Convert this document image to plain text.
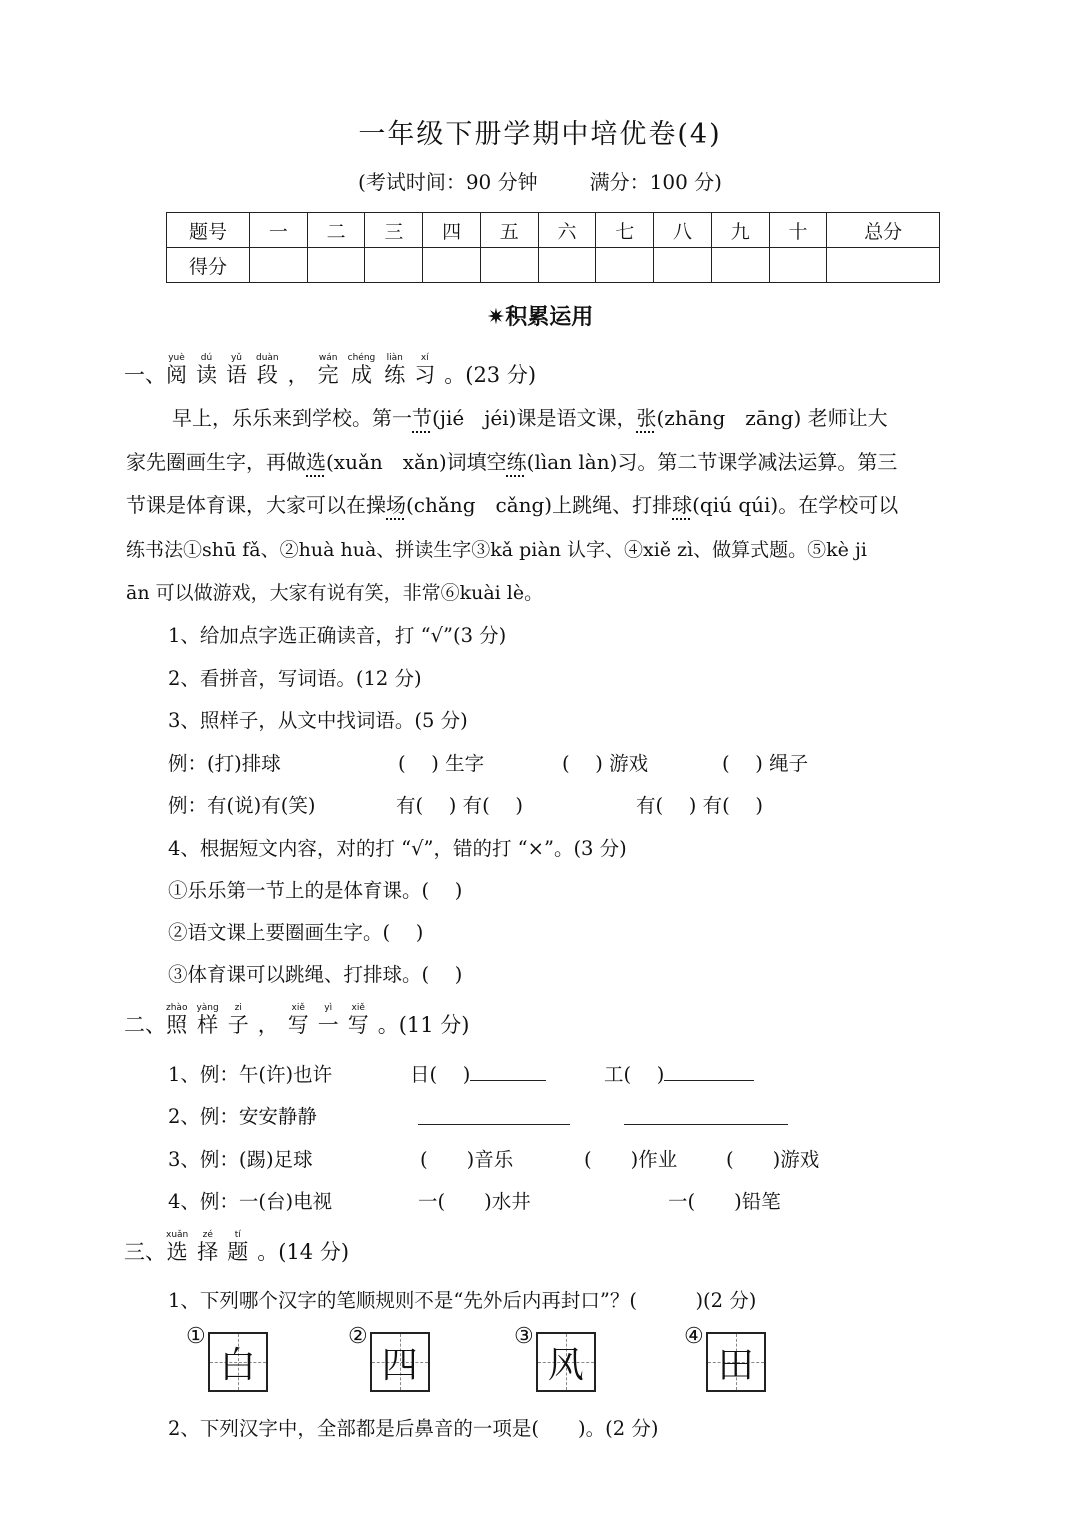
一年级下册学期中培优卷(4)
(考试时间：90 分钟	满分：100 分)
题号	一	二	三	四	五	六	七	八	九	十	总分
得分											
✷积累运用
一、
yuè
阅
dú
读
yǔ
语
duàn
段 ，
wán
完
chéng
成
liàn
练
xí
习 。(23 分)
早上，乐乐来到学校。第一节(jié　jéi)课是语文课，张(zhāng　zāng) 老师让大
家先圈画生字，再做选(xuǎn　xǎn)词填空练(lìan làn)习。第二节课学减法运算。第三
节课是体育课，大家可以在操场(chǎng　cǎng)上跳绳、打排球(qiú qúi)。在学校可以
练书法①shū fǎ、②huà huà、拼读生字③kǎ piàn 认字、④xiě zì、做算式题。⑤kè ji
ān 可以做游戏，大家有说有笑，非常⑥kuài lè。
1、给加点字选正确读音，打 “√”(3 分)
2、看拼音，写词语。(12 分)
3、照样子，从文中找词语。(5 分)
例：(打)排球	(　 ) 生字	(　 ) 游戏	(　 ) 绳子
例：有(说)有(笑)	有(　 ) 有(　 )	有(　 ) 有(　 )
4、根据短文内容，对的打 “√”，错的打 “×”。(3 分)
①乐乐第一节上的是体育课。(　 )
②语文课上要圈画生字。(　 )
③体育课可以跳绳、打排球。(　 )
二、
zhào
照
yàng
样
zi
子 ，
xiě
写
yì
一
xiě
写 。(11 分)
1、例：午(许)也许	日(　 )	工(　 )
2、例：安安静静
3、例：(踢)足球	(　　)音乐	(　　)作业	(　　)游戏
4、例：一(台)电视	一(　　)水井	一(　　)铅笔
三、
xuǎn
选
zé
择
tí
题 。(14 分)
1、下列哪个汉字的笔顺规则不是“先外后内再封口”？(　　　)(2 分)
①
白
②
四
③
风
④
田
2、下列汉字中，全部都是后鼻音的一项是(　　)。(2 分)
